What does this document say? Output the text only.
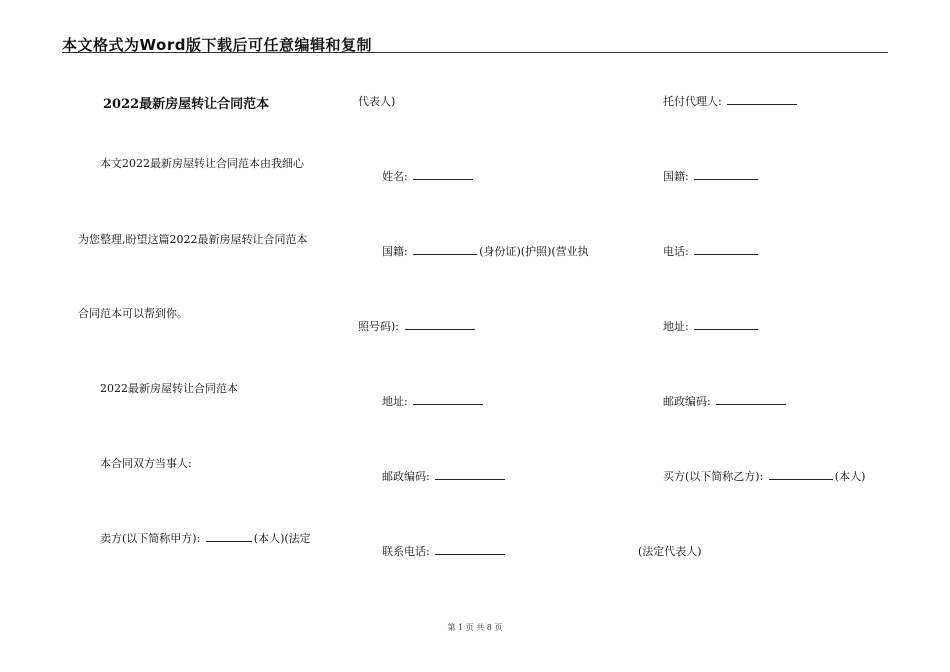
本文格式为Word版下载后可任意编辑和复制
2022最新房屋转让合同范本
本文2022最新房屋转让合同范本由我细心
为您整理,盼望这篇2022最新房屋转让合同范本
合同范本可以帮到你。
2022最新房屋转让合同范本
本合同双方当事人:
卖方(以下简称甲方):	(本人)(法定
代表人)
姓名:
国籍:	(身份证)(护照)(营业执
照号码):
地址:
邮政编码:
联系电话:
托付代理人:
国籍:
电话:
地址:
邮政编码:
买方(以下简称乙方):	(本人)
(法定代表人)
第 1 页 共 8 页
